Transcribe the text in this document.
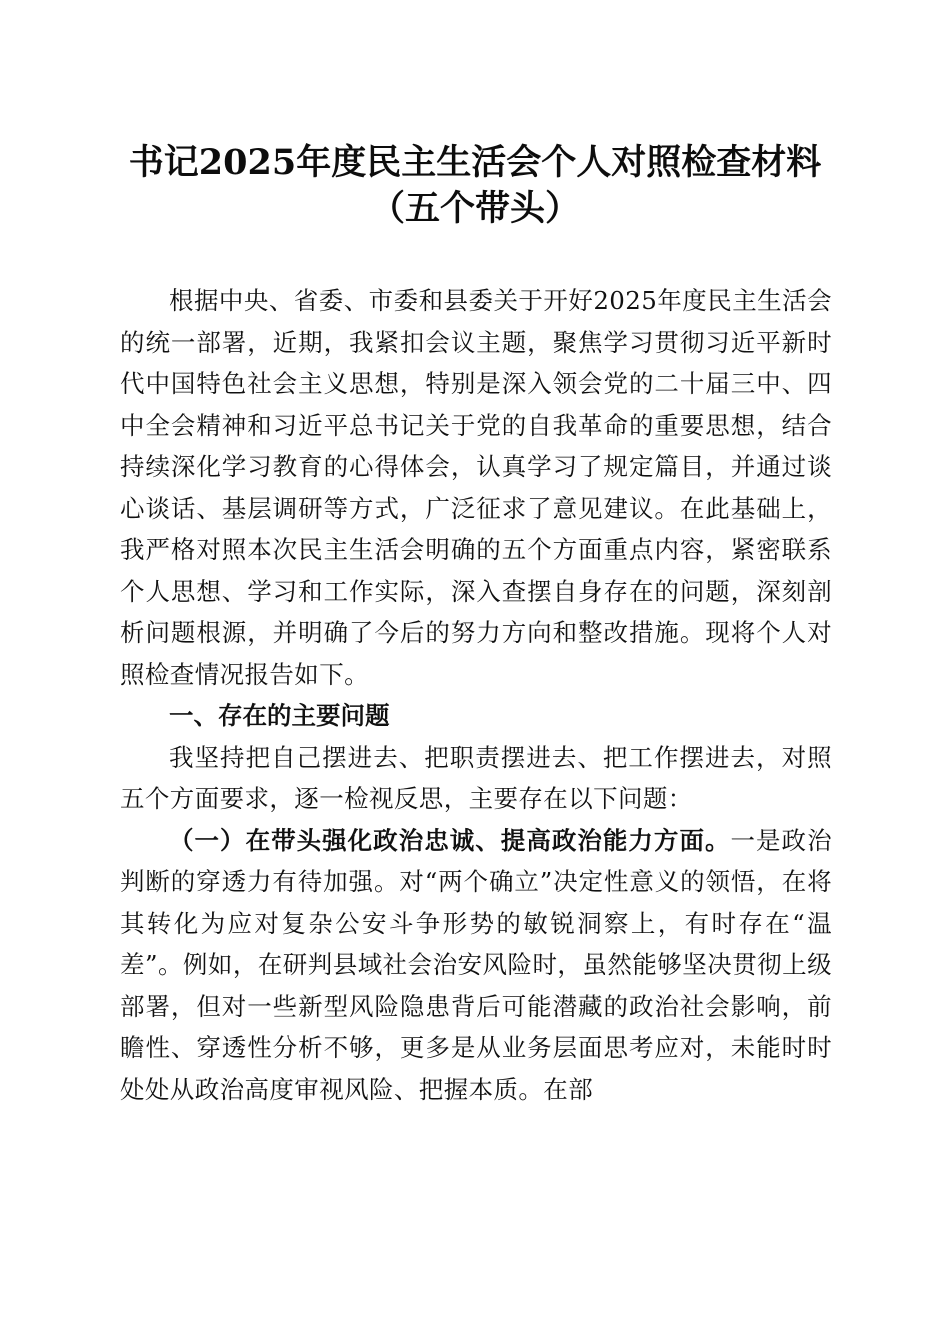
书记2025年度民主生活会个人对照检查材料
（五个带头）

根据中央、省委、市委和县委关于开好2025年度民主生活会的统一部署，近期，我紧扣会议主题，聚焦学习贯彻习近平新时代中国特色社会主义思想，特别是深入领会党的二十届三中、四中全会精神和习近平总书记关于党的自我革命的重要思想，结合持续深化学习教育的心得体会，认真学习了规定篇目，并通过谈心谈话、基层调研等方式，广泛征求了意见建议。在此基础上，我严格对照本次民主生活会明确的五个方面重点内容，紧密联系个人思想、学习和工作实际，深入查摆自身存在的问题，深刻剖析问题根源，并明确了今后的努力方向和整改措施。现将个人对照检查情况报告如下。

一、存在的主要问题

我坚持把自己摆进去、把职责摆进去、把工作摆进去，对照五个方面要求，逐一检视反思，主要存在以下问题：

（一）在带头强化政治忠诚、提高政治能力方面。一是政治判断的穿透力有待加强。对“两个确立”决定性意义的领悟，在将其转化为应对复杂公安斗争形势的敏锐洞察上，有时存在“温差”。例如，在研判县域社会治安风险时，虽然能够坚决贯彻上级部署，但对一些新型风险隐患背后可能潜藏的政治社会影响，前瞻性、穿透性分析不够，更多是从业务层面思考应对，未能时时处处从政治高度审视风险、把握本质。在部
